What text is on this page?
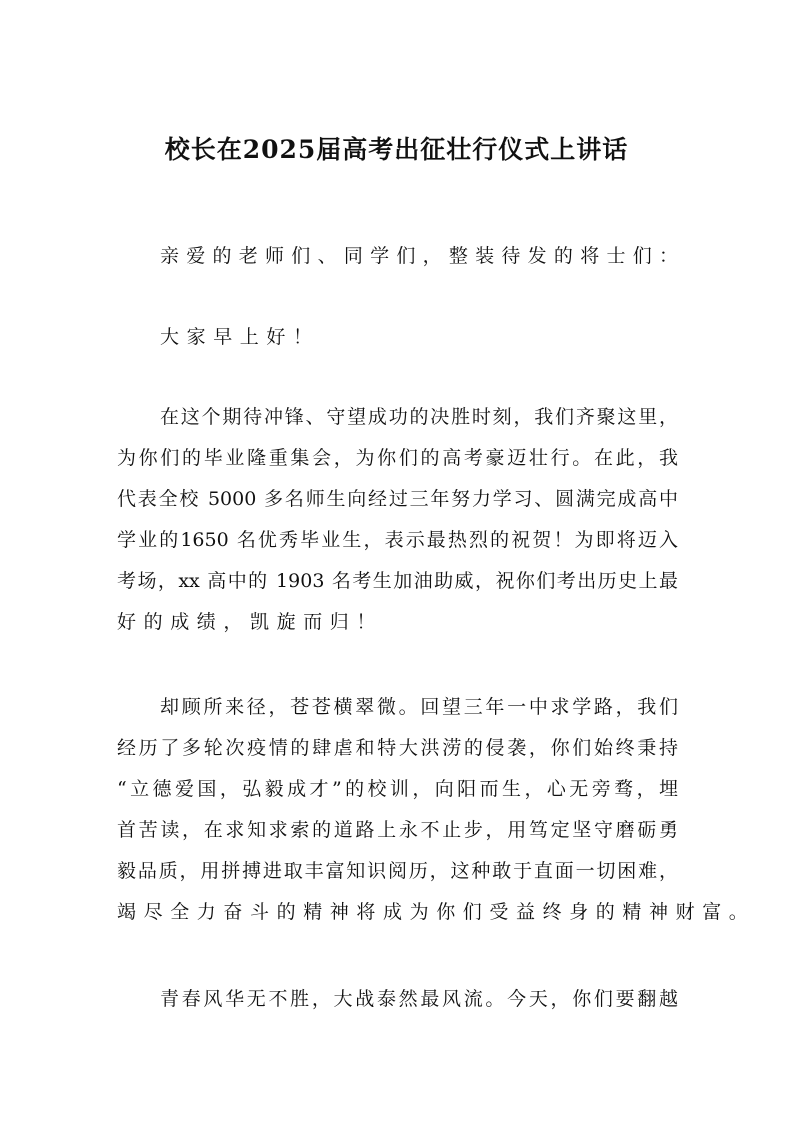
校长在2025届高考出征壮行仪式上讲话
亲爱的老师们、同学们，整装待发的将士们：
大家早上好！
在这个期待冲锋、守望成功的决胜时刻，我们齐聚这里，
为你们的毕业隆重集会，为你们的高考豪迈壮行。在此，我
代表全校 5000 多名师生向经过三年努力学习、圆满完成高中
学业的1650 名优秀毕业生，表示最热烈的祝贺！为即将迈入
考场，xx 高中的 1903 名考生加油助威，祝你们考出历史上最
好的成绩，凯旋而归！
却顾所来径，苍苍横翠微。回望三年一中求学路，我们
经历了多轮次疫情的肆虐和特大洪涝的侵袭，你们始终秉持
“立德爱国，弘毅成才”的校训，向阳而生，心无旁骛，埋
首苦读，在求知求索的道路上永不止步，用笃定坚守磨砺勇
毅品质，用拼搏进取丰富知识阅历，这种敢于直面一切困难，
竭尽全力奋斗的精神将成为你们受益终身的精神财富。
青春风华无不胜，大战泰然最风流。今天，你们要翻越
